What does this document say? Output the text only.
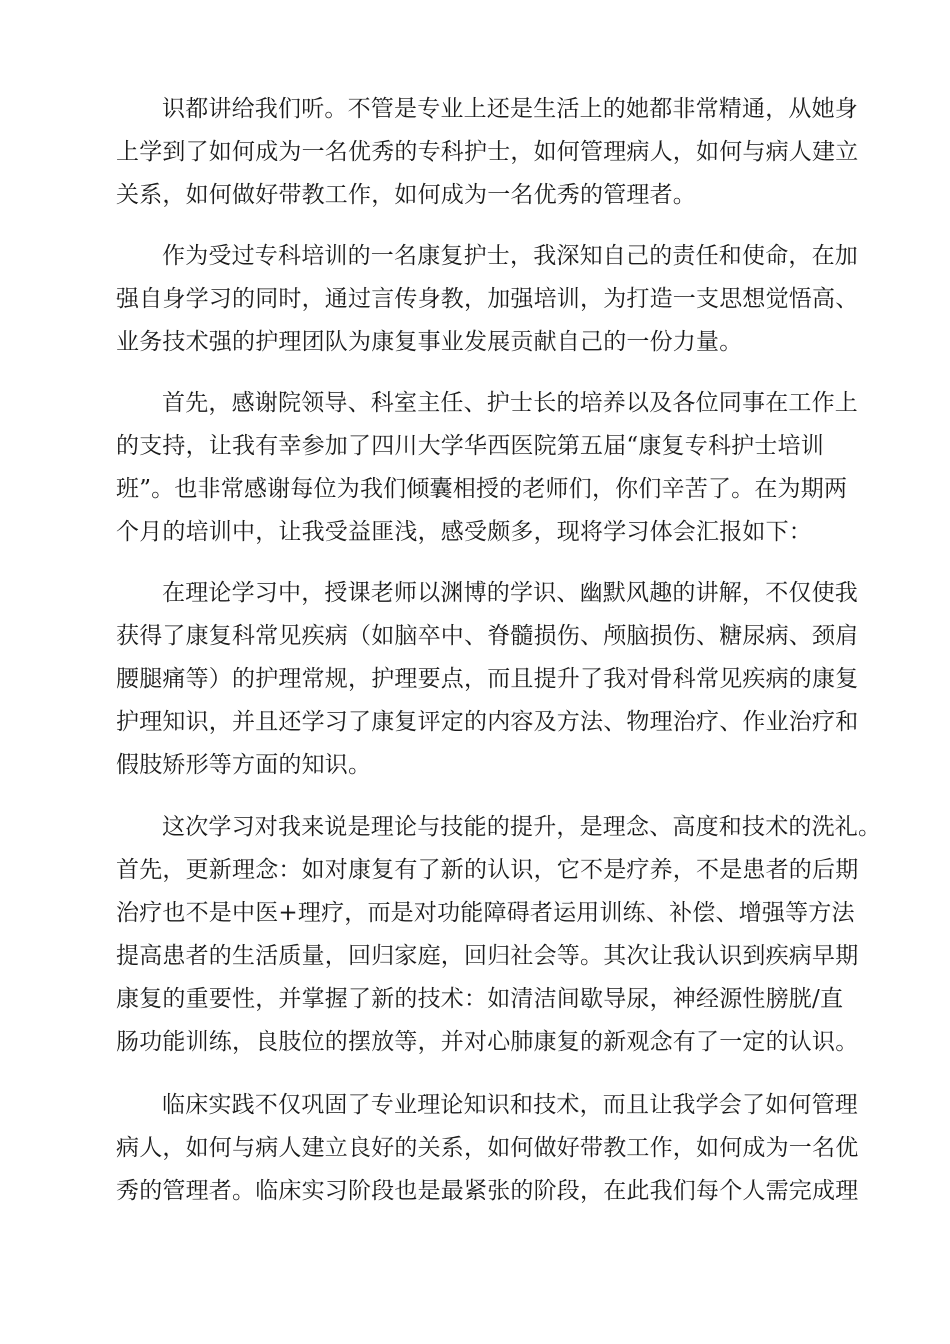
识都讲给我们听。不管是专业上还是生活上的她都非常精通，从她身
上学到了如何成为一名优秀的专科护士，如何管理病人，如何与病人建立
关系，如何做好带教工作，如何成为一名优秀的管理者。
作为受过专科培训的一名康复护士，我深知自己的责任和使命，在加
强自身学习的同时，通过言传身教，加强培训，为打造一支思想觉悟高、
业务技术强的护理团队为康复事业发展贡献自己的一份力量。
首先，感谢院领导、科室主任、护士长的培养以及各位同事在工作上
的支持，让我有幸参加了四川大学华西医院第五届“康复专科护士培训
班”。也非常感谢每位为我们倾囊相授的老师们，你们辛苦了。在为期两
个月的培训中，让我受益匪浅，感受颇多，现将学习体会汇报如下：
在理论学习中，授课老师以渊博的学识、幽默风趣的讲解，不仅使我
获得了康复科常见疾病（如脑卒中、脊髓损伤、颅脑损伤、糖尿病、颈肩
腰腿痛等）的护理常规，护理要点，而且提升了我对骨科常见疾病的康复
护理知识，并且还学习了康复评定的内容及方法、物理治疗、作业治疗和
假肢矫形等方面的知识。
这次学习对我来说是理论与技能的提升，是理念、高度和技术的洗礼。
首先，更新理念：如对康复有了新的认识，它不是疗养，不是患者的后期
治疗也不是中医+理疗，而是对功能障碍者运用训练、补偿、增强等方法
提高患者的生活质量，回归家庭，回归社会等。其次让我认识到疾病早期
康复的重要性，并掌握了新的技术：如清洁间歇导尿，神经源性膀胱/直
肠功能训练，良肢位的摆放等，并对心肺康复的新观念有了一定的认识。
临床实践不仅巩固了专业理论知识和技术，而且让我学会了如何管理
病人，如何与病人建立良好的关系，如何做好带教工作，如何成为一名优
秀的管理者。临床实习阶段也是最紧张的阶段，在此我们每个人需完成理
